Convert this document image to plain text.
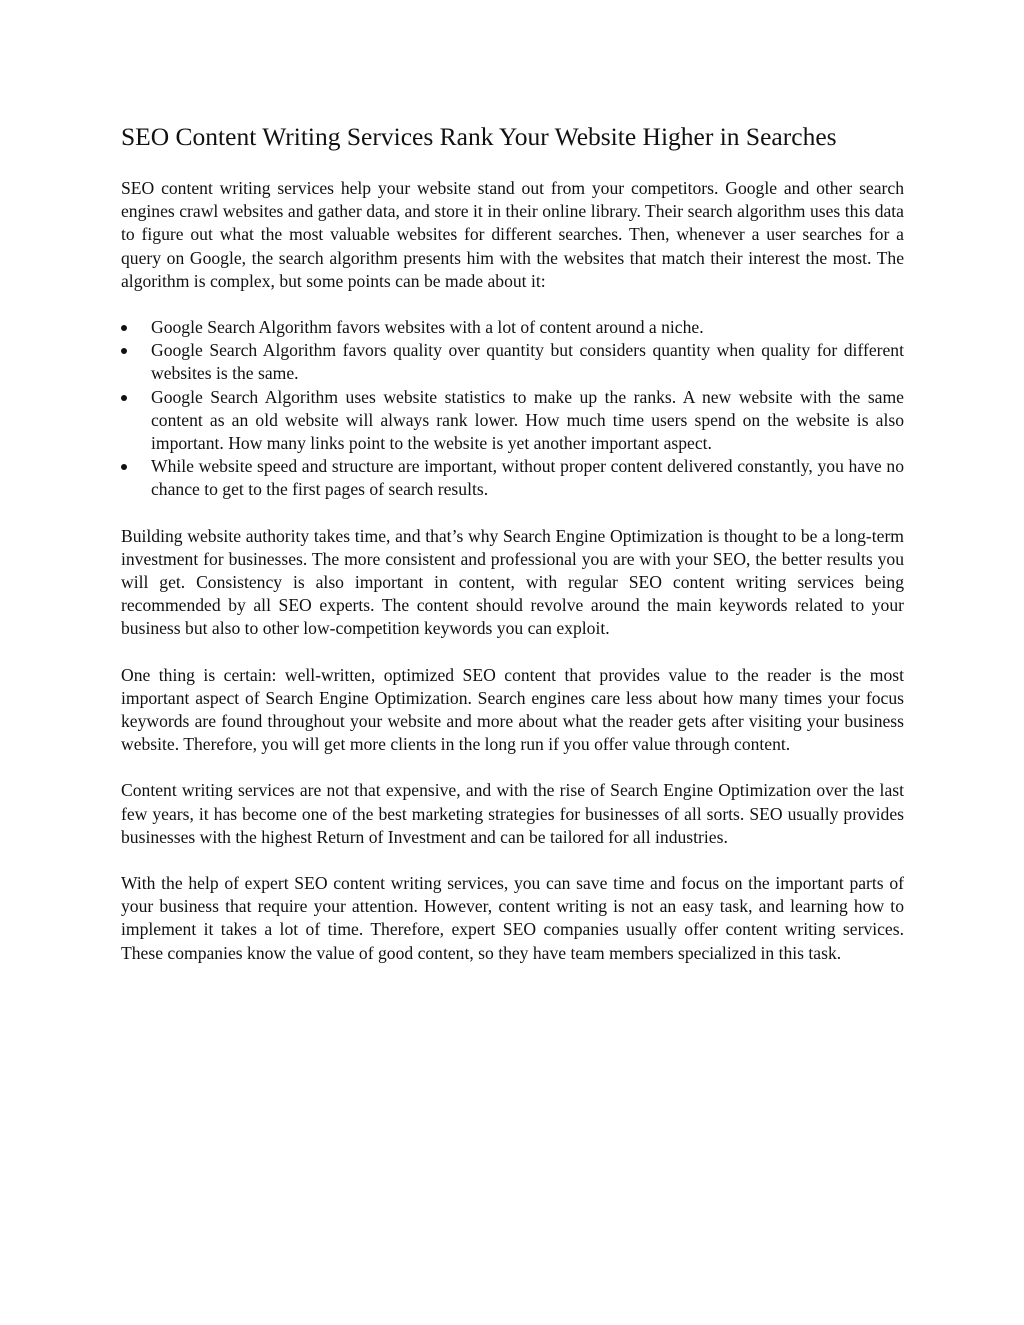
SEO Content Writing Services Rank Your Website Higher in Searches

SEO content writing services help your website stand out from your competitors. Google and other search engines crawl websites and gather data, and store it in their online library. Their search algorithm uses this data to figure out what the most valuable websites for different searches. Then, whenever a user searches for a query on Google, the search algorithm presents him with the websites that match their interest the most. The algorithm is complex, but some points can be made about it:

Google Search Algorithm favors websites with a lot of content around a niche.
Google Search Algorithm favors quality over quantity but considers quantity when quality for different websites is the same.
Google Search Algorithm uses website statistics to make up the ranks. A new website with the same content as an old website will always rank lower. How much time users spend on the website is also important. How many links point to the website is yet another important aspect.
While website speed and structure are important, without proper content delivered constantly, you have no chance to get to the first pages of search results.

Building website authority takes time, and that’s why Search Engine Optimization is thought to be a long-term investment for businesses. The more consistent and professional you are with your SEO, the better results you will get. Consistency is also important in content, with regular SEO content writing services being recommended by all SEO experts. The content should revolve around the main keywords related to your business but also to other low-competition keywords you can exploit.

One thing is certain: well-written, optimized SEO content that provides value to the reader is the most important aspect of Search Engine Optimization. Search engines care less about how many times your focus keywords are found throughout your website and more about what the reader gets after visiting your business website. Therefore, you will get more clients in the long run if you offer value through content.

Content writing services are not that expensive, and with the rise of Search Engine Optimization over the last few years, it has become one of the best marketing strategies for businesses of all sorts. SEO usually provides businesses with the highest Return of Investment and can be tailored for all industries.

With the help of expert SEO content writing services, you can save time and focus on the important parts of your business that require your attention. However, content writing is not an easy task, and learning how to implement it takes a lot of time. Therefore, expert SEO companies usually offer content writing services. These companies know the value of good content, so they have team members specialized in this task.
